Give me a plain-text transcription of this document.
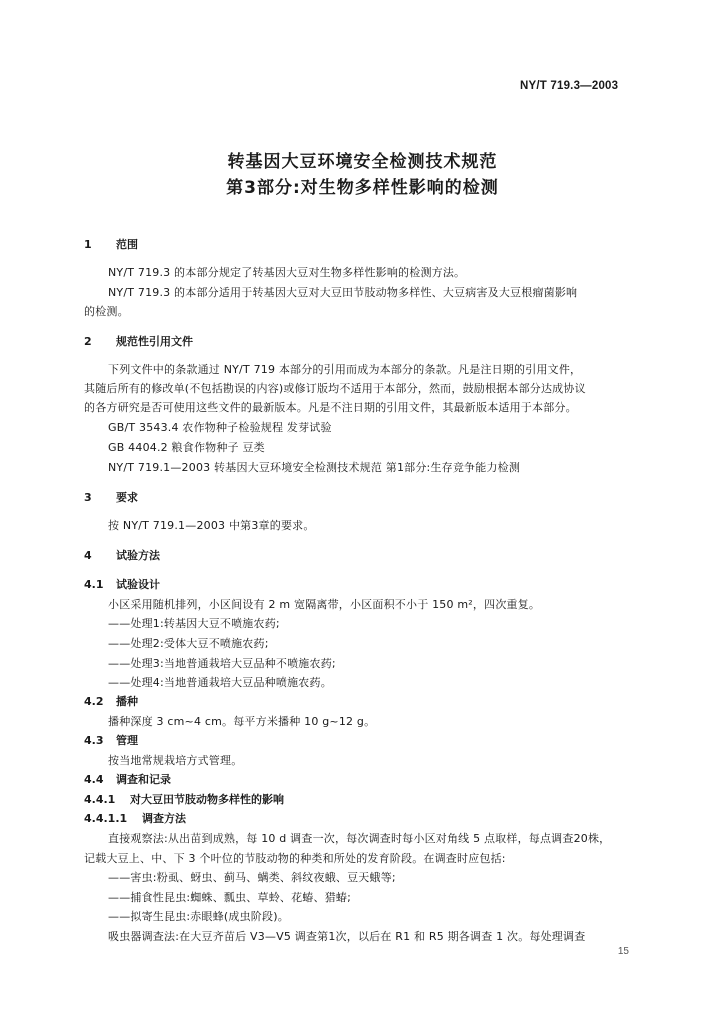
NY/T 719.3—2003
转基因大豆环境安全检测技术规范
第3部分:对生物多样性影响的检测
1 范围
NY/T 719.3 的本部分规定了转基因大豆对生物多样性影响的检测方法。
NY/T 719.3 的本部分适用于转基因大豆对大豆田节肢动物多样性、大豆病害及大豆根瘤菌影响
的检测。
2 规范性引用文件
下列文件中的条款通过 NY/T 719 本部分的引用而成为本部分的条款。凡是注日期的引用文件，
其随后所有的修改单(不包括勘误的内容)或修订版均不适用于本部分，然而，鼓励根据本部分达成协议
的各方研究是否可使用这些文件的最新版本。凡是不注日期的引用文件，其最新版本适用于本部分。
GB/T 3543.4 农作物种子检验规程 发芽试验
GB 4404.2 粮食作物种子 豆类
NY/T 719.1—2003 转基因大豆环境安全检测技术规范 第1部分:生存竞争能力检测
3 要求
按 NY/T 719.1—2003 中第3章的要求。
4 试验方法
4.1 试验设计
小区采用随机排列，小区间设有 2 m 宽隔离带，小区面积不小于 150 m²，四次重复。
——处理1:转基因大豆不喷施农药;
——处理2:受体大豆不喷施农药;
——处理3:当地普通栽培大豆品种不喷施农药;
——处理4:当地普通栽培大豆品种喷施农药。
4.2 播种
播种深度 3 cm~4 cm。每平方米播种 10 g~12 g。
4.3 管理
按当地常规栽培方式管理。
4.4 调查和记录
4.4.1 对大豆田节肢动物多样性的影响
4.4.1.1 调查方法
直接观察法:从出苗到成熟，每 10 d 调查一次，每次调查时每小区对角线 5 点取样，每点调查20株，
记载大豆上、中、下 3 个叶位的节肢动物的种类和所处的发育阶段。在调查时应包括:
——害虫:粉虱、蚜虫、蓟马、螨类、斜纹夜蛾、豆天蛾等;
——捕食性昆虫:蜘蛛、瓢虫、草蛉、花蝽、猎蝽;
——拟寄生昆虫:赤眼蜂(成虫阶段)。
吸虫器调查法:在大豆齐苗后 V3—V5 调查第1次，以后在 R1 和 R5 期各调查 1 次。每处理调查
15
